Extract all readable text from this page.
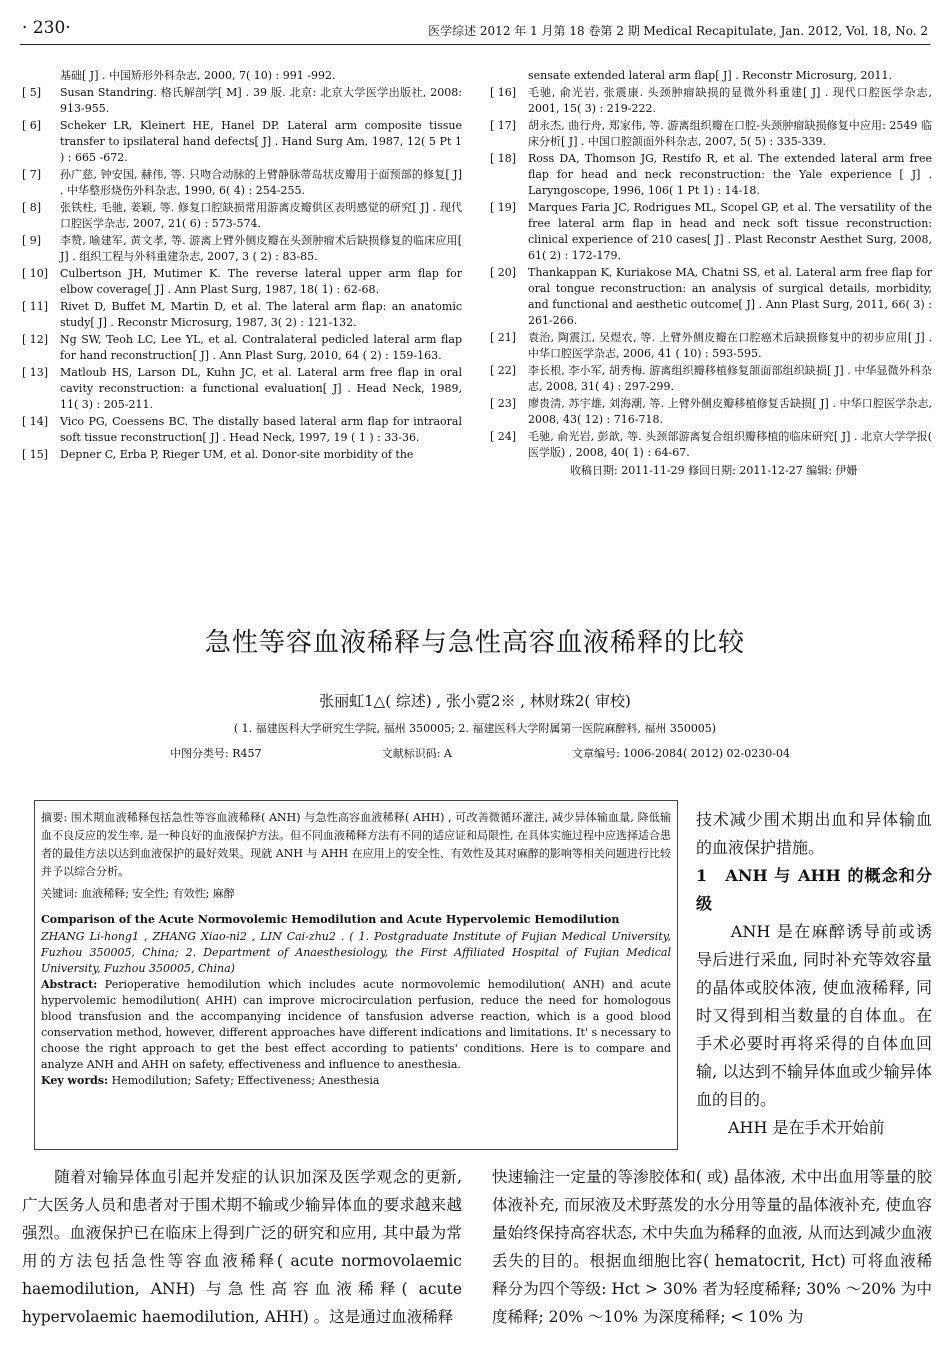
· 230·	医学综述 2012 年 1 月第 18 卷第 2 期 Medical Recapitulate, Jan. 2012, Vol. 18, No. 2
基础[ J] . 中国矫形外科杂志, 2000, 7( 10) : 991 -992.
[ 5]	Susan Standring. 格氏解剖学[ M] . 39 版. 北京: 北京大学医学出版社, 2008: 913-955.
[ 6]	Scheker LR, Kleinert HE, Hanel DP. Lateral arm composite tissue transfer to ipsilateral hand defects[ J] . Hand Surg Am, 1987, 12( 5 Pt 1 ) : 665 -672.
[ 7]	孙广慈, 钟安国, 赫伟, 等. 只吻合动脉的上臂静脉蒂岛状皮瓣用于面预部的修复[ J] . 中华整形烧伤外科杂志, 1990, 6( 4) : 254-255.
[ 8]	张铁柱, 毛驰, 姜颖, 等. 修复口腔缺损常用游离皮瓣供区表明感觉的研究[ J] . 现代口腔医学杂志, 2007, 21( 6) : 573-574.
[ 9]	李赞, 喻建军, 黄文孝, 等. 游离上臂外侧皮瓣在头颈肿瘤术后缺损修复的临床应用[ J] . 组织工程与外科重建杂志, 2007, 3 ( 2) : 83-85.
[ 10]	Culbertson JH, Mutimer K. The reverse lateral upper arm flap for elbow coverage[ J] . Ann Plast Surg, 1987, 18( 1) : 62-68.
[ 11]	Rivet D, Buffet M, Martin D, et al. The lateral arm flap: an anatomic study[ J] . Reconstr Microsurg, 1987, 3( 2) : 121-132.
[ 12]	Ng SW, Teoh LC, Lee YL, et al. Contralateral pedicled lateral arm flap for hand reconstruction[ J] . Ann Plast Surg, 2010, 64 ( 2) : 159-163.
[ 13]	Matloub HS, Larson DL, Kuhn JC, et al. Lateral arm free flap in oral cavity reconstruction: a functional evaluation[ J] . Head Neck, 1989, 11( 3) : 205-211.
[ 14]	Vico PG, Coessens BC. The distally based lateral arm flap for intraoral soft tissue reconstruction[ J] . Head Neck, 1997, 19 ( 1 ) : 33-36.
[ 15]	Depner C, Erba P, Rieger UM, et al. Donor-site morbidity of the
sensate extended lateral arm flap[ J] . Reconstr Microsurg, 2011.
[ 16]	毛驰, 俞光岩, 张震康. 头颈肿瘤缺损的显微外科重建[ J] . 现代口腔医学杂志, 2001, 15( 3) : 219-222.
[ 17]	胡永杰, 曲行舟, 郑家伟, 等. 游离组织瓣在口腔-头颈肿瘤缺损修复中应用: 2549 临床分析[ J] . 中国口腔颌面外科杂志, 2007, 5( 5) : 335-339.
[ 18]	Ross DA, Thomson JG, Restifo R, et al. The extended lateral arm free flap for head and neck reconstruction: the Yale experience [ J] . Laryngoscope, 1996, 106( 1 Pt 1) : 14-18.
[ 19]	Marques Faria JC, Rodrigues ML, Scopel GP, et al. The versatility of the free lateral arm flap in head and neck soft tissue reconstruction: clinical experience of 210 cases[ J] . Plast Reconstr Aesthet Surg, 2008, 61( 2) : 172-179.
[ 20]	Thankappan K, Kuriakose MA, Chatni SS, et al. Lateral arm free flap for oral tongue reconstruction: an analysis of surgical details, morbidity, and functional and aesthetic outcome[ J] . Ann Plast Surg, 2011, 66( 3) : 261-266.
[ 21]	袁治, 陶震江, 吴煜农, 等. 上臂外侧皮瓣在口腔癌术后缺损修复中的初步应用[ J] . 中华口腔医学杂志, 2006, 41 ( 10) : 593-595.
[ 22]	李长根, 李小军, 胡秀梅. 游离组织瓣移植修复颌面部组织缺损[ J] . 中华显微外科杂志, 2008, 31( 4) : 297-299.
[ 23]	廖贵清, 苏宇雄, 刘海潮, 等. 上臂外侧皮瓣移植修复舌缺损[ J] . 中华口腔医学杂志, 2008, 43( 12) : 716-718.
[ 24]	毛驰, 俞光岩, 彭歆, 等. 头颈部游离复合组织瓣移植的临床研究[ J] . 北京大学学报( 医学版) , 2008, 40( 1) : 64-67.
收稿日期: 2011-11-29 修回日期: 2011-12-27 编辑: 伊姗
急性等容血液稀释与急性高容血液稀释的比较
张丽虹1△( 综述) , 张小霓2※ , 林财珠2( 审校)
( 1. 福建医科大学研究生学院, 福州 350005; 2. 福建医科大学附属第一医院麻醉科, 福州 350005)
中图分类号: R457	文献标识码: A	文章编号: 1006-2084( 2012) 02-0230-04

摘要: 围术期血液稀释包括急性等容血液稀释( ANH) 与急性高容血液稀释( AHH) , 可改善微循环灌注, 减少异体输血量, 降低输血不良反应的发生率, 是一种良好的血液保护方法。但不同血液稀释方法有不同的适应证和局限性, 在具体实施过程中应选择适合患者的最佳方法以达到血液保护的最好效果。现就 ANH 与 AHH 在应用上的安全性、有效性及其对麻醉的影响等相关问题进行比较并予以综合分析。

关键词: 血液稀释; 安全性; 有效性; 麻醉

Comparison of the Acute Normovolemic Hemodilution and Acute Hypervolemic Hemodilution

ZHANG Li-hong1 , ZHANG Xiao-ni2 , LIN Cai-zhu2 . ( 1. Postgraduate Institute of Fujian Medical University, Fuzhou 350005, China; 2. Department of Anaesthesiology, the First Affiliated Hospital of Fujian Medical University, Fuzhou 350005, China)

Abstract: Perioperative hemodilution which includes acute normovolemic hemodilution( ANH) and acute hypervolemic hemodilution( AHH) can improve microcirculation perfusion, reduce the need for homologous blood transfusion and the accompanying incidence of tansfusion adverse reaction, which is a good blood conservation method, however, different approaches have different indications and limitations. It' s necessary to choose the right approach to get the best effect according to patients' conditions. Here is to compare and analyze ANH and AHH on safety, effectiveness and influence to anesthesia.

Key words: Hemodilution; Safety; Effectiveness; Anesthesia

技术减少围术期出血和异体输血的血液保护措施。

1　ANH 与 AHH 的概念和分级

　　ANH 是在麻醉诱导前或诱导后进行采血, 同时补充等效容量的晶体或胶体液, 使血液稀释, 同时又得到相当数量的自体血。在手术必要时再将采得的自体血回输, 以达到不输异体血或少输异体血的目的。

　　AHH 是在手术开始前

　　随着对输异体血引起并发症的认识加深及医学观念的更新, 广大医务人员和患者对于围术期不输或少输异体血的要求越来越强烈。血液保护已在临床上得到广泛的研究和应用, 其中最为常用的方法包括急性等容血液稀释( acute normovolaemic haemodilution, ANH) 与急性高容血液稀释( acute hypervolaemic haemodilution, AHH) 。这是通过血液稀释

快速输注一定量的等渗胶体和( 或) 晶体液, 术中出血用等量的胶体液补充, 而尿液及术野蒸发的水分用等量的晶体液补充, 使血容量始终保持高容状态, 术中失血为稀释的血液, 从而达到减少血液丢失的目的。根据血细胞比容( hematocrit, Hct) 可将血液稀释分为四个等级: Hct > 30% 者为轻度稀释; 30% ～20% 为中度稀释; 20% ～10% 为深度稀释; < 10% 为
